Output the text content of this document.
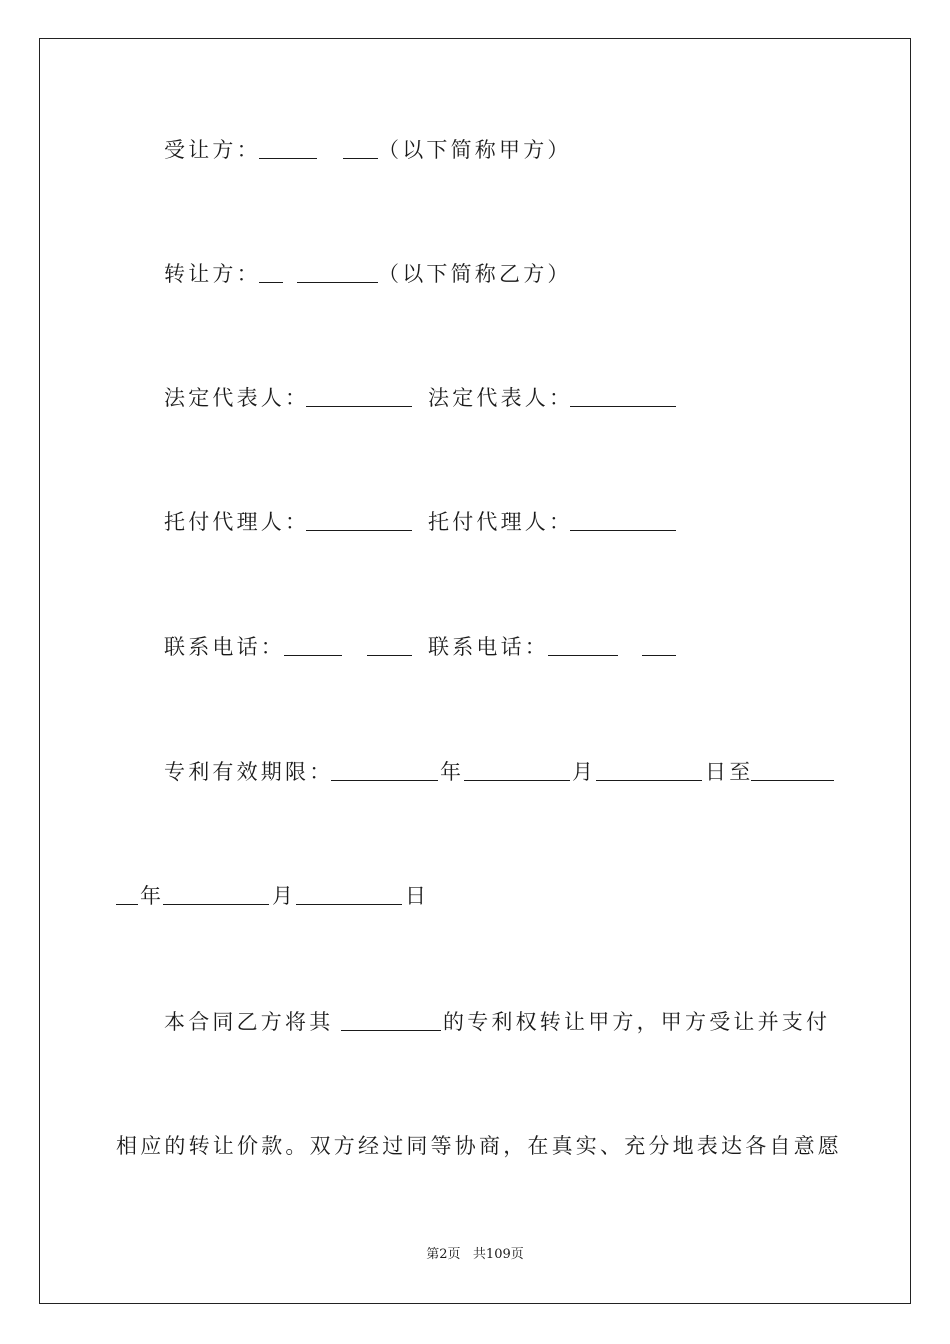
受让方：	（以下简称甲方）
转让方：	（以下简称乙方）
法定代表人：	法定代表人：
托付代理人：	托付代理人：
联系电话：	联系电话：
专利有效期限：	年	月	日至
年	月	日
本合同乙方将其	的专利权转让甲方，甲方受让并支付
相应的转让价款。双方经过同等协商，在真实、充分地表达各自意愿
第2页 共109页
